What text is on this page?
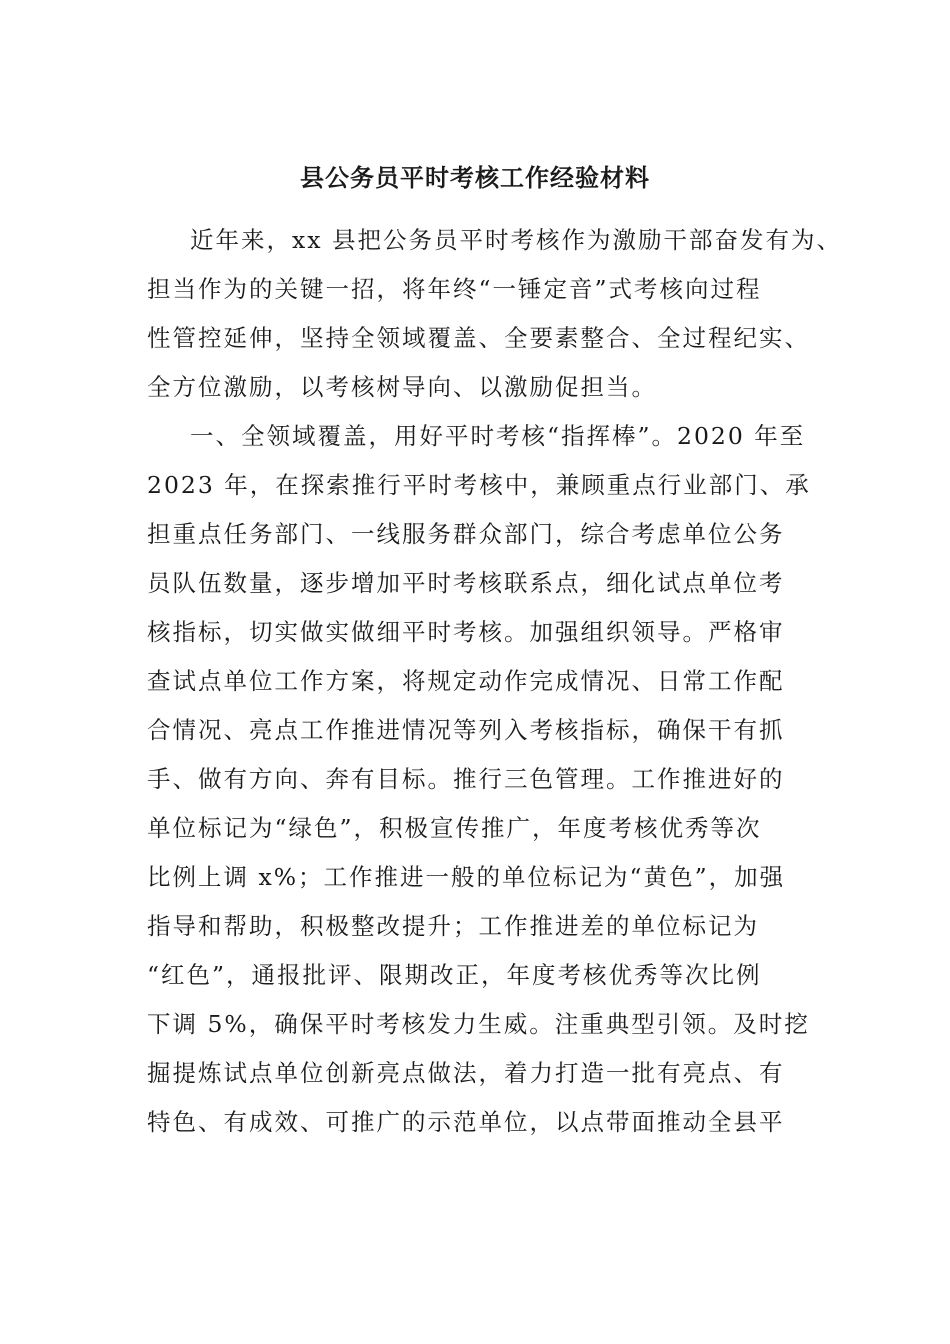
县公务员平时考核工作经验材料
近年来，xx 县把公务员平时考核作为激励干部奋发有为、
担当作为的关键一招，将年终“一锤定音”式考核向过程
性管控延伸，坚持全领域覆盖、全要素整合、全过程纪实、
全方位激励，以考核树导向、以激励促担当。
一、全领域覆盖，用好平时考核“指挥棒”。2020 年至
2023 年，在探索推行平时考核中，兼顾重点行业部门、承
担重点任务部门、一线服务群众部门，综合考虑单位公务
员队伍数量，逐步增加平时考核联系点，细化试点单位考
核指标，切实做实做细平时考核。加强组织领导。严格审
查试点单位工作方案，将规定动作完成情况、日常工作配
合情况、亮点工作推进情况等列入考核指标，确保干有抓
手、做有方向、奔有目标。推行三色管理。工作推进好的
单位标记为“绿色”，积极宣传推广，年度考核优秀等次
比例上调 x%；工作推进一般的单位标记为“黄色”，加强
指导和帮助，积极整改提升；工作推进差的单位标记为
“红色”，通报批评、限期改正，年度考核优秀等次比例
下调 5%，确保平时考核发力生威。注重典型引领。及时挖
掘提炼试点单位创新亮点做法，着力打造一批有亮点、有
特色、有成效、可推广的示范单位，以点带面推动全县平
